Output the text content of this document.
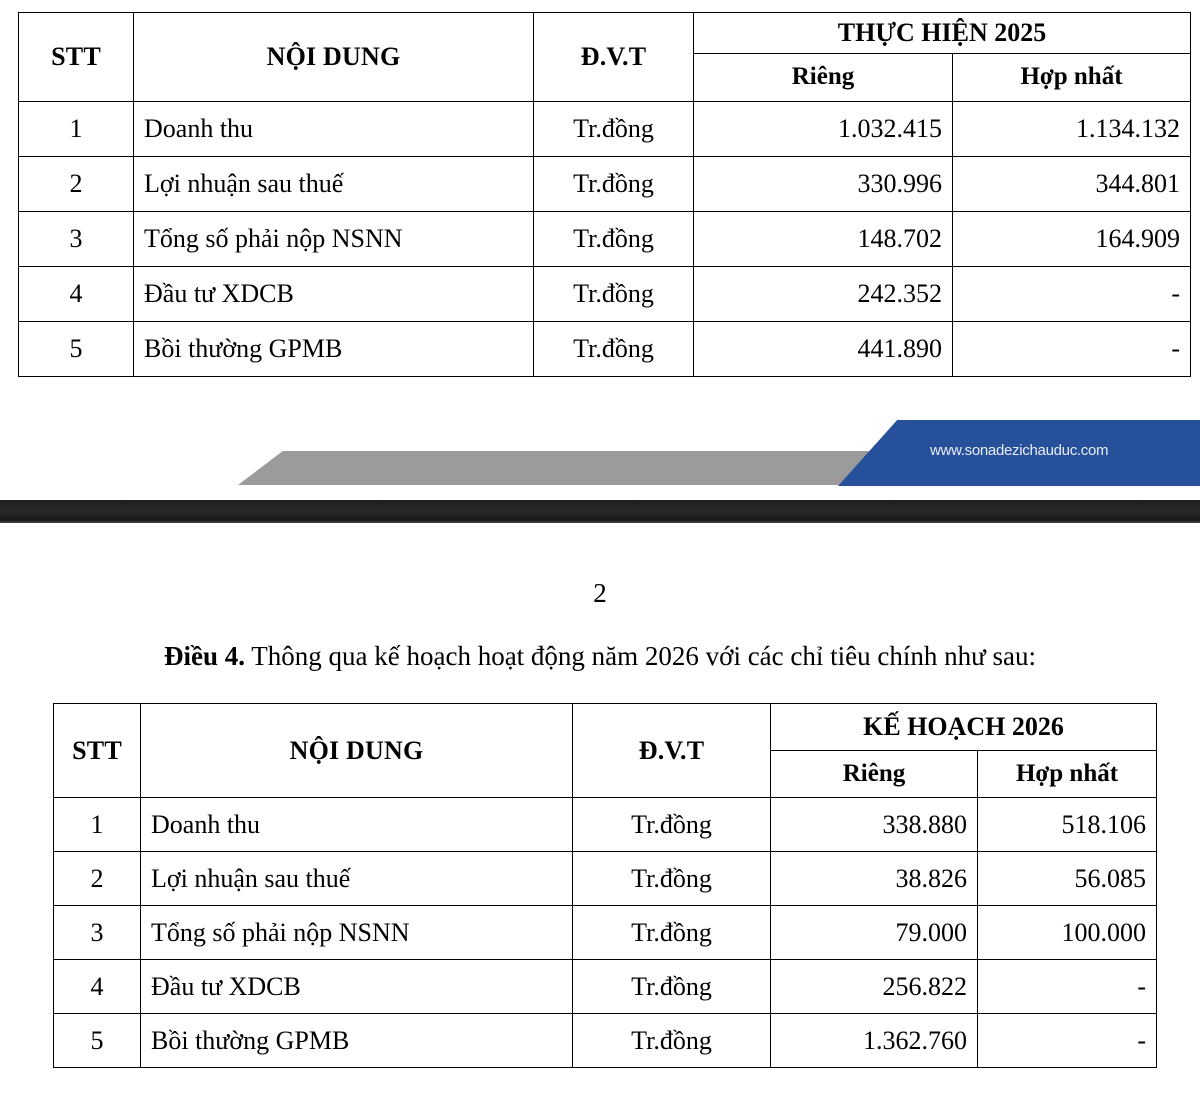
STT	NỘI DUNG	Đ.V.T	THỰC HIỆN 2025	

			Riêng	Hợp nhất

1	Doanh thu	Tr.đồng	1.032.415	1.134.132

2	Lợi nhuận sau thuế	Tr.đồng	330.996	344.801

3	Tổng số phải nộp NSNN	Tr.đồng	148.702	164.909

4	Đầu tư XDCB	Tr.đồng	242.352	-

5	Bồi thường GPMB	Tr.đồng	441.890	-
www.sonadezichauduc.com
2
Điều 4. Thông qua kế hoạch hoạt động năm 2026 với các chỉ tiêu chính như sau:
STT	NỘI DUNG	Đ.V.T	KẾ HOẠCH 2026	

			Riêng	Hợp nhất

1	Doanh thu	Tr.đồng	338.880	518.106

2	Lợi nhuận sau thuế	Tr.đồng	38.826	56.085

3	Tổng số phải nộp NSNN	Tr.đồng	79.000	100.000

4	Đầu tư XDCB	Tr.đồng	256.822	-

5	Bồi thường GPMB	Tr.đồng	1.362.760	-
